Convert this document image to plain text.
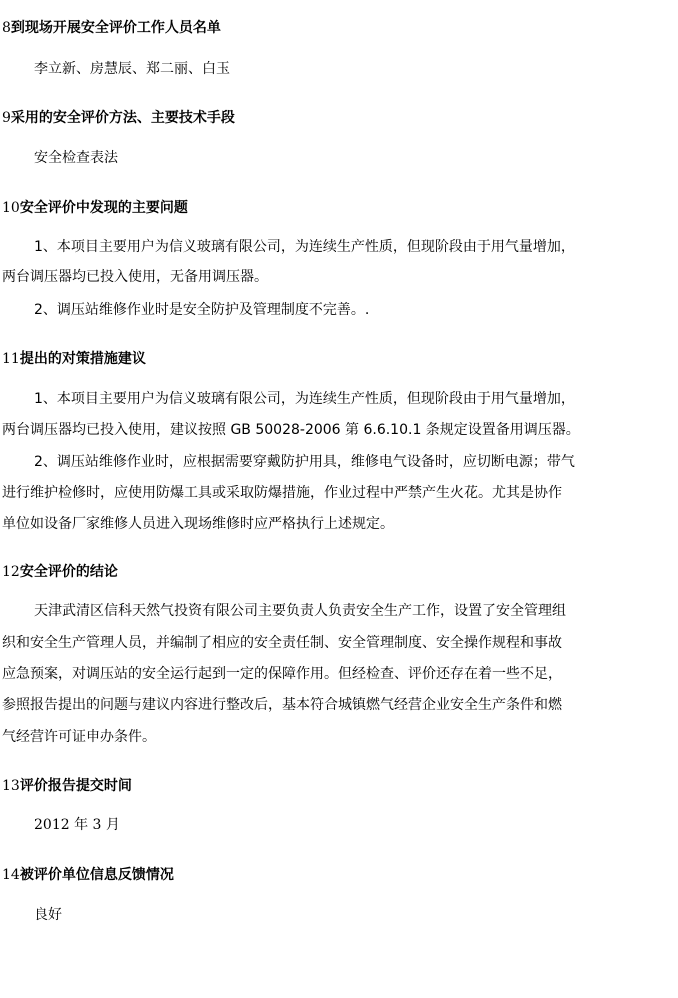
8到现场开展安全评价工作人员名单
李立新、房慧辰、郑二丽、白玉
9采用的安全评价方法、主要技术手段
安全检查表法
10安全评价中发现的主要问题
1、本项目主要用户为信义玻璃有限公司，为连续生产性质，但现阶段由于用气量增加，
两台调压器均已投入使用，无备用调压器。
2、调压站维修作业时是安全防护及管理制度不完善。.
11提出的对策措施建议
1、本项目主要用户为信义玻璃有限公司，为连续生产性质，但现阶段由于用气量增加，
两台调压器均已投入使用，建议按照 GB 50028-2006 第 6.6.10.1 条规定设置备用调压器。
2、调压站维修作业时，应根据需要穿戴防护用具，维修电气设备时，应切断电源；带气
进行维护检修时，应使用防爆工具或采取防爆措施，作业过程中严禁产生火花。尤其是协作
单位如设备厂家维修人员进入现场维修时应严格执行上述规定。
12安全评价的结论
天津武清区信科天然气投资有限公司主要负责人负责安全生产工作，设置了安全管理组
织和安全生产管理人员，并编制了相应的安全责任制、安全管理制度、安全操作规程和事故
应急预案，对调压站的安全运行起到一定的保障作用。但经检查、评价还存在着一些不足，
参照报告提出的问题与建议内容进行整改后，基本符合城镇燃气经营企业安全生产条件和燃
气经营许可证申办条件。
13评价报告提交时间
2012 年 3 月
14被评价单位信息反馈情况
良好
